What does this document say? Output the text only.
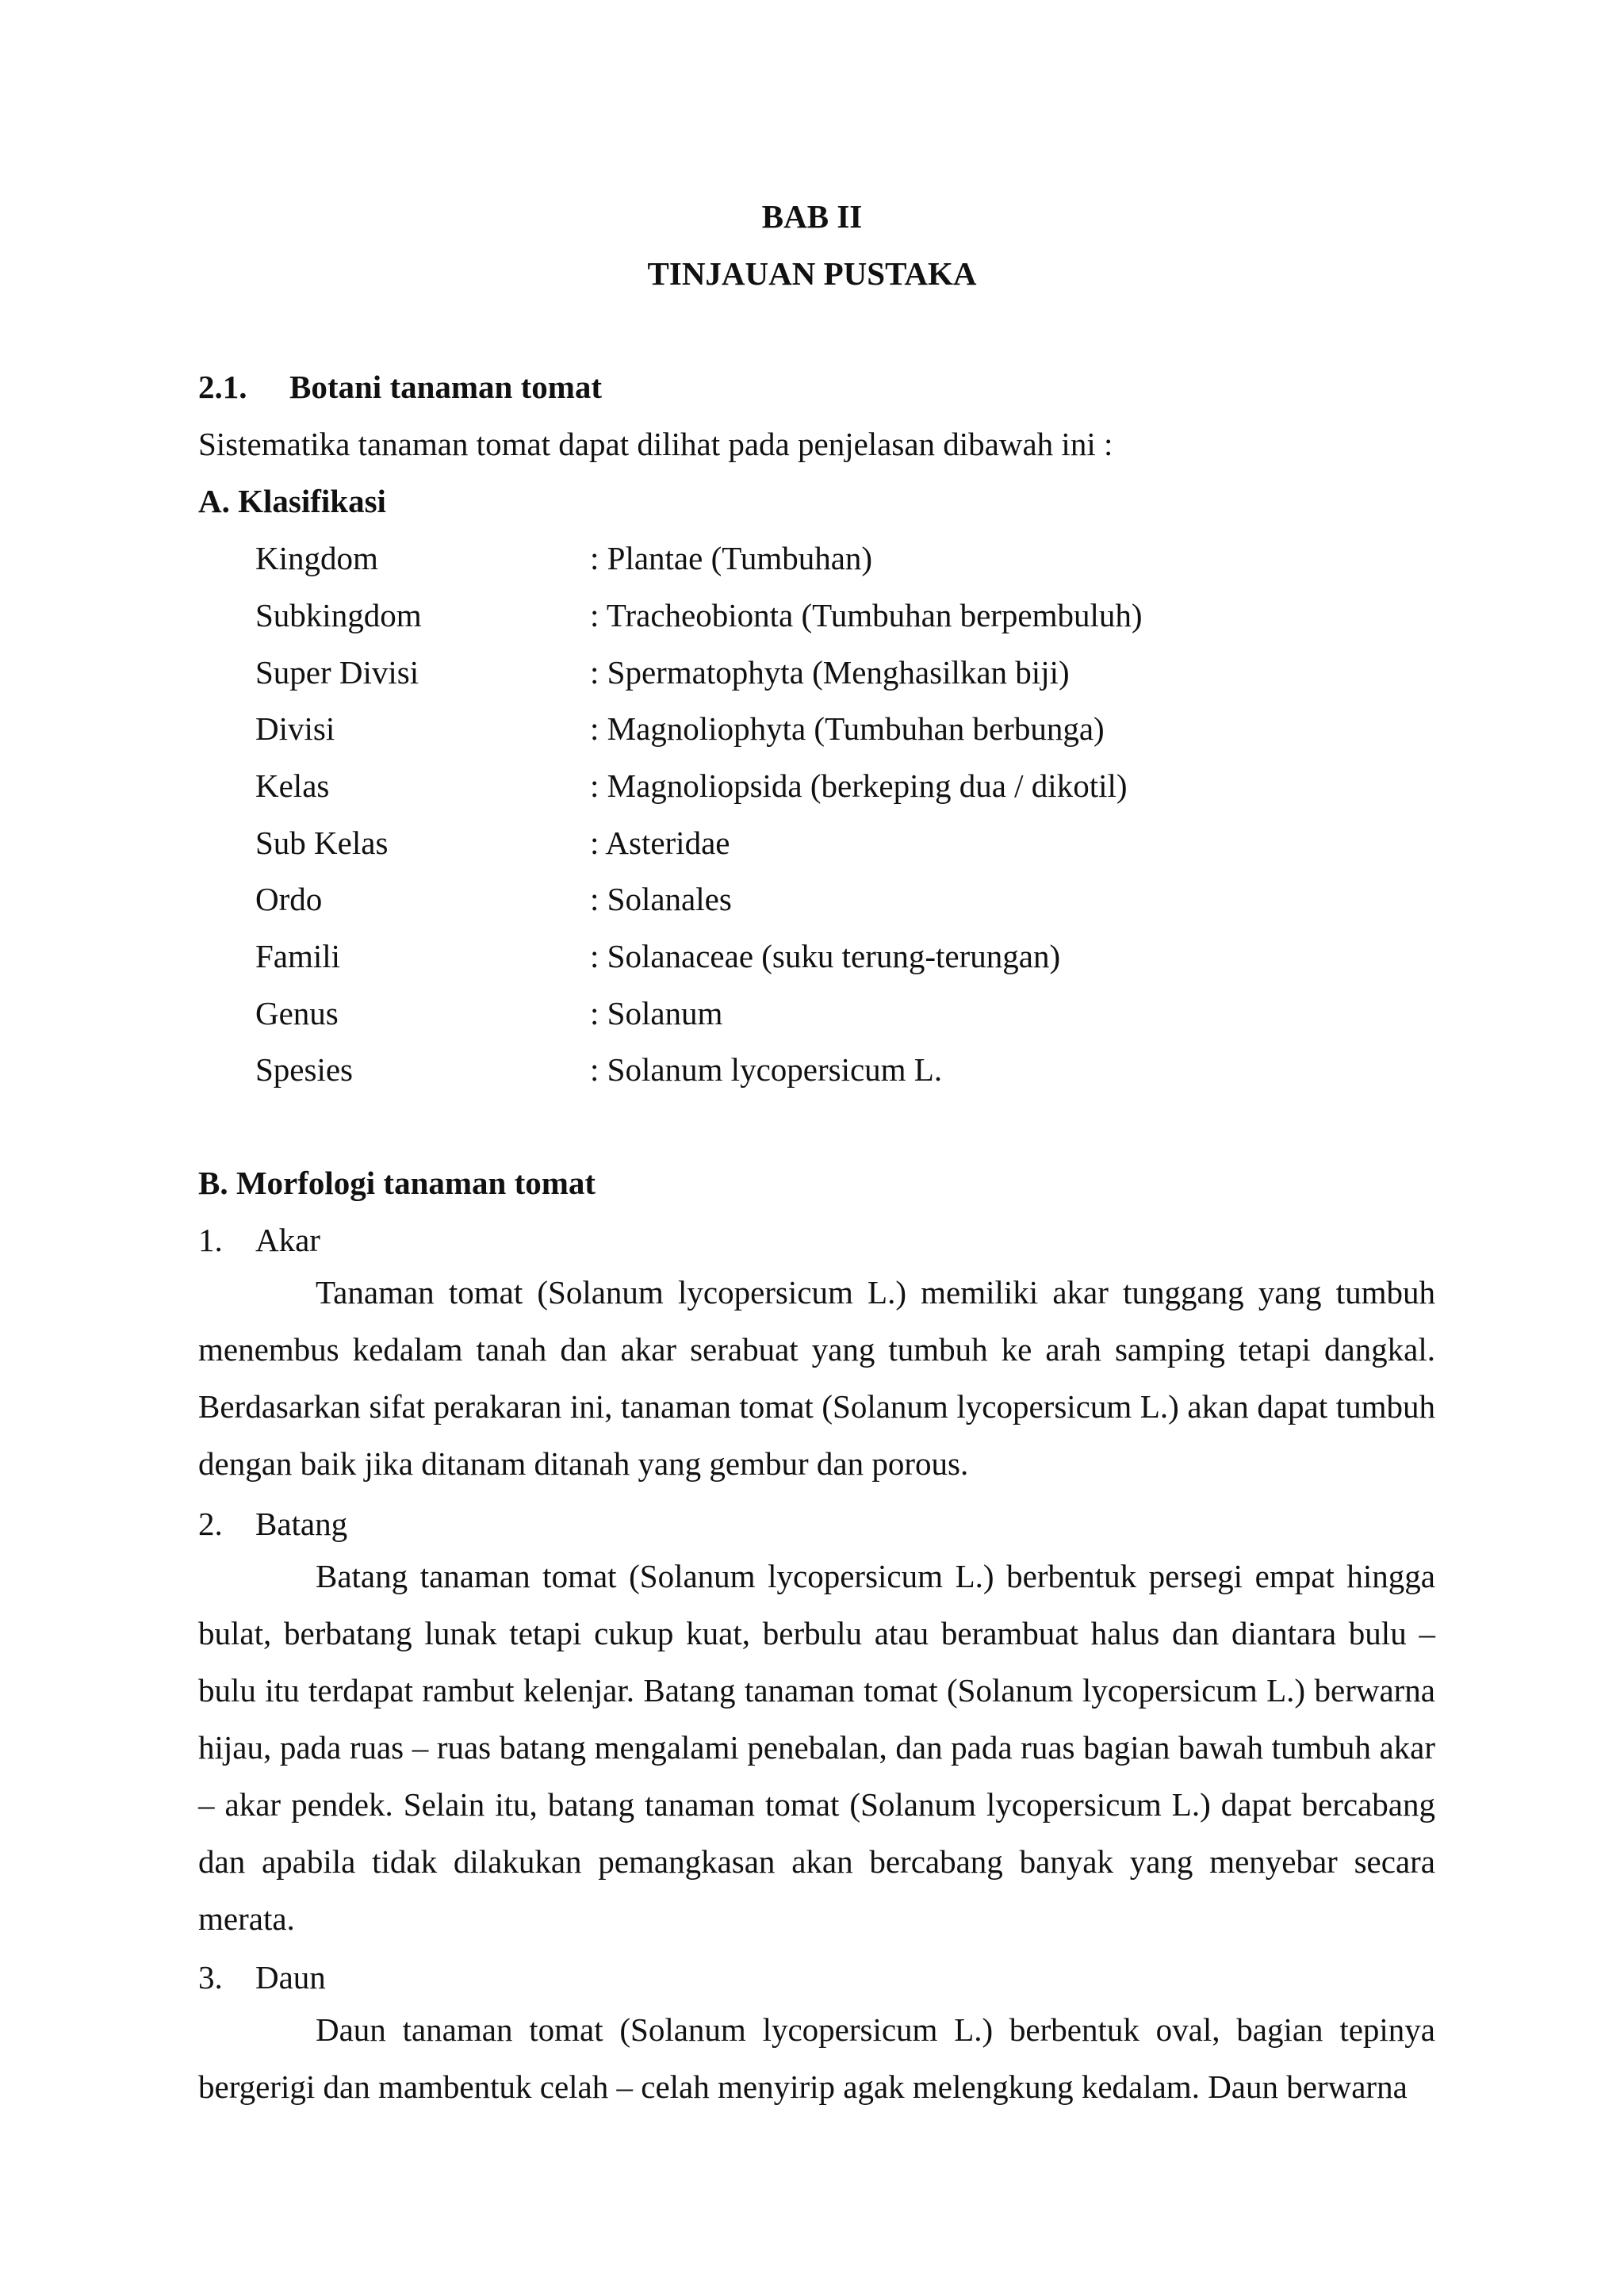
BAB II
TINJAUAN PUSTAKA
2.1. Botani tanaman tomat
Sistematika tanaman tomat dapat dilihat pada penjelasan dibawah ini :
A. Klasifikasi
Kingdom	: Plantae (Tumbuhan)
Subkingdom	: Tracheobionta (Tumbuhan berpembuluh)
Super Divisi	: Spermatophyta (Menghasilkan biji)
Divisi	: Magnoliophyta (Tumbuhan berbunga)
Kelas	: Magnoliopsida (berkeping dua / dikotil)
Sub Kelas	: Asteridae
Ordo	: Solanales
Famili	: Solanaceae (suku terung-terungan)
Genus	: Solanum
Spesies	: Solanum lycopersicum L.
B. Morfologi tanaman tomat
1. Akar

Tanaman tomat (Solanum lycopersicum L.) memiliki akar tunggang yang tumbuh menembus kedalam tanah dan akar serabuat yang tumbuh ke arah samping tetapi dangkal. Berdasarkan sifat perakaran ini, tanaman tomat (Solanum lycopersicum L.) akan dapat tumbuh dengan baik jika ditanam ditanah yang gembur dan porous.

2. Batang

Batang tanaman tomat (Solanum lycopersicum L.) berbentuk persegi empat hingga bulat, berbatang lunak tetapi cukup kuat, berbulu atau berambuat halus dan diantara bulu – bulu itu terdapat rambut kelenjar. Batang tanaman tomat (Solanum lycopersicum L.) berwarna hijau, pada ruas – ruas batang mengalami penebalan, dan pada ruas bagian bawah tumbuh akar – akar pendek. Selain itu, batang tanaman tomat (Solanum lycopersicum L.) dapat bercabang dan apabila tidak dilakukan pemangkasan akan bercabang banyak yang menyebar secara merata.

3. Daun

Daun tanaman tomat (Solanum lycopersicum L.) berbentuk oval, bagian tepinya bergerigi dan mambentuk celah – celah menyirip agak melengkung kedalam. Daun berwarna
